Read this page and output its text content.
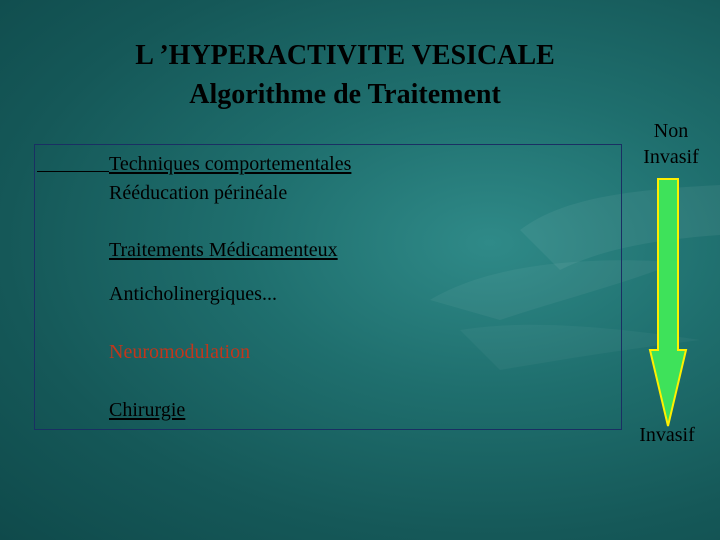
L ’HYPERACTIVITE VESICALE
Algorithme de Traitement
Techniques comportementales
Rééducation périnéale
Traitements Médicamenteux
Anticholinergiques...
Neuromodulation
Chirurgie
Non
Invasif
Invasif
